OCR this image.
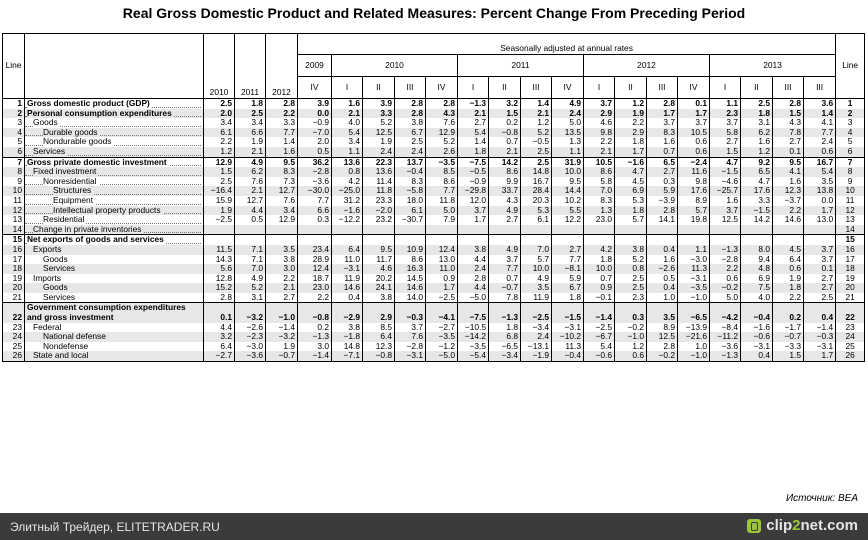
Real Gross Domestic Product and Related Measures: Percent Change From Preceding Period
Line		2010	2011	2012	Seasonally adjusted at annual rates																	Line
					2009	2010				2011				2012				2013				
					IV	I	II	III	IV	I	II	III	IV	I	II	III	IV	I	II	III	III	
1	Gross domestic product (GDP)	2.5	1.8	2.8	3.9	1.6	3.9	2.8	2.8	−1.3	3.2	1.4	4.9	3.7	1.2	2.8	0.1	1.1	2.5	2.8	3.6	1
2	Personal consumption expenditures	2.0	2.5	2.2	0.0	2.1	3.3	2.8	4.3	2.1	1.5	2.1	2.4	2.9	1.9	1.7	1.7	2.3	1.8	1.5	1.4	2
3	Goods	3.4	3.4	3.3	−0.9	4.0	5.2	3.8	7.6	2.7	0.2	1.2	5.0	4.6	2.2	3.7	3.7	3.7	3.1	4.3	4.1	3
4	Durable goods	6.1	6.6	7.7	−7.0	5.4	12.5	6.7	12.9	5.4	−0.8	5.2	13.5	9.8	2.9	8.3	10.5	5.8	6.2	7.8	7.7	4
5	Nondurable goods	2.2	1.9	1.4	2.0	3.4	1.9	2.5	5.2	1.4	0.7	−0.5	1.3	2.2	1.8	1.6	0.6	2.7	1.6	2.7	2.4	5
6	Services	1.2	2.1	1.6	0.5	1.1	2.4	2.4	2.6	1.8	2.1	2.5	1.1	2.1	1.7	0.7	0.6	1.5	1.2	0.1	0.6	6
7	Gross private domestic investment	12.9	4.9	9.5	36.2	13.6	22.3	13.7	−3.5	−7.5	14.2	2.5	31.9	10.5	−1.6	6.5	−2.4	4.7	9.2	9.5	16.7	7
8	Fixed investment	1.5	6.2	8.3	−2.8	0.8	13.6	−0.4	8.5	−0.5	8.6	14.8	10.0	8.6	4.7	2.7	11.6	−1.5	6.5	4.1	5.4	8
9	Nonresidential	2.5	7.6	7.3	−3.6	4.2	11.4	8.3	8.6	−0.9	9.9	16.7	9.5	5.8	4.5	0.3	9.8	−4.6	4.7	1.6	3.5	9
10	Structures	−16.4	2.1	12.7	−30.0	−25.0	11.8	−5.8	7.7	−29.8	33.7	28.4	14.4	7.0	6.9	5.9	17.6	−25.7	17.6	12.3	13.8	10
11	Equipment	15.9	12.7	7.6	7.7	31.2	23.3	18.0	11.8	12.0	4.3	20.3	10.2	8.3	5.3	−3.9	8.9	1.6	3.3	−3.7	0.0	11
12	Intellectual property products	1.9	4.4	3.4	6.6	−1.6	−2.0	6.1	5.0	3.7	4.9	5.3	5.5	1.3	1.8	2.8	5.7	3.7	−1.5	2.2	1.7	12
13	Residential	−2.5	0.5	12.9	0.3	−12.2	23.2	−30.7	7.9	1.7	2.7	6.1	12.2	23.0	5.7	14.1	19.8	12.5	14.2	14.6	13.0	13
14	Change in private inventories																					14
15	Net exports of goods and services																					15
16	Exports	11.5	7.1	3.5	23.4	6.4	9.5	10.9	12.4	3.8	4.9	7.0	2.7	4.2	3.8	0.4	1.1	−1.3	8.0	4.5	3.7	16
17	Goods	14.3	7.1	3.8	28.9	11.0	11.7	8.6	13.0	4.4	3.7	5.7	7.7	1.8	5.2	1.6	−3.0	−2.8	9.4	6.4	3.7	17
18	Services	5.6	7.0	3.0	12.4	−3.1	4.6	16.3	11.0	2.4	7.7	10.0	−8.1	10.0	0.8	−2.6	11.3	2.2	4.8	0.6	0.1	18
19	Imports	12.8	4.9	2.2	18.7	11.9	20.2	14.5	0.9	2.8	0.7	4.9	5.9	0.7	2.5	0.5	−3.1	0.6	6.9	1.9	2.7	19
20	Goods	15.2	5.2	2.1	23.0	14.6	24.1	14.6	1.7	4.4	−0.7	3.5	6.7	0.9	2.5	0.4	−3.5	−0.2	7.5	1.8	2.7	20
21	Services	2.8	3.1	2.7	2.2	0.4	3.8	14.0	−2.5	−5.0	7.8	11.9	1.8	−0.1	2.3	1.0	−1.0	5.0	4.0	2.2	2.5	21
22	Government consumption expenditures
and gross investment	0.1	−3.2	−1.0	−0.8	−2.9	2.9	−0.3	−4.1	−7.5	−1.3	−2.5	−1.5	−1.4	0.3	3.5	−6.5	−4.2	−0.4	0.2	0.4	22
23	Federal	4.4	−2.6	−1.4	0.2	3.8	8.5	3.7	−2.7	−10.5	1.8	−3.4	−3.1	−2.5	−0.2	8.9	−13.9	−8.4	−1.6	−1.7	−1.4	23
24	National defense	3.2	−2.3	−3.2	−1.3	−1.8	6.4	7.6	−3.5	−14.2	6.8	2.4	−10.2	−6.7	−1.0	12.5	−21.6	−11.2	−0.6	−0.7	−0.3	24
25	Nondefense	6.4	−3.0	1.9	3.0	14.8	12.3	−2.8	−1.2	−3.5	−6.5	−13.1	11.3	5.4	1.2	2.8	1.0	−3.6	−3.1	−3.3	−3.1	25
26	State and local	−2.7	−3.6	−0.7	−1.4	−7.1	−0.8	−3.1	−5.0	−5.4	−3.4	−1.9	−0.4	−0.6	0.6	−0.2	−1.0	−1.3	0.4	1.5	1.7	26
Источник: BEA
Элитный Трейдер, ELITETRADER.RU	clip 2 net.com
